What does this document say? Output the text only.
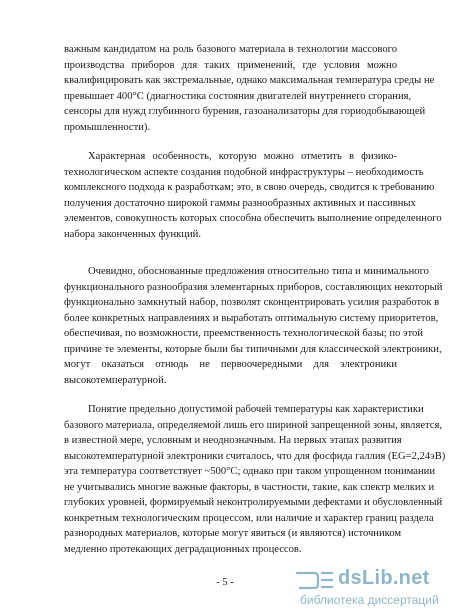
важным кандидатом на роль базового материала в технологии массового
производства приборов для таких применений, где условия можно
квалифицировать как экстремальные, однако максимальная температура среды не
превышает 400°C (диагностика состояния двигателей внутреннего сгорания,
сенсоры для нужд глубинного бурения, газоанализаторы для гориодобывающей
промышленности).
Характерная особенность, которую можно отметить в физико-
технологическом аспекте создания подобной инфраструктуры – необходимость
комплексного подхода к разработкам; это, в свою очередь, сводится к требованию
получения достаточно широкой гаммы разнообразных активных и пассивных
элементов, совокупность которых способна обеспечить выполнение определенного
набора законченных функций.
Очевидно, обоснованные предложения относительно типа и минимального
функционального разнообразия элементарных приборов, составляющих некоторый
функционально замкнутый набор, позволят сконцентрировать усилия разработок в
более конкретных направлениях и выработать оптимальную систему приоритетов,
обеспечивая, по возможности, преемственность технологической базы; по этой
причине те элементы, которые были бы типичными для классической электроники,
могут оказаться отнюдь не первоочередными для электроники
высокотемпературной.
Понятие предельно допустимой рабочей температуры как характеристики
базового материала, определяемой лишь его шириной запрещенной зоны, является,
в известной мере, условным и неоднозначным. На первых этапах развития
высокотемпературной электроники считалось, что для фосфида галлия (EG=2,24эВ)
эта температура соответствует ~500°C; однако при таком упрощенном понимании
не учитывались многие важные факторы, в частности, такие, как спектр мелких и
глубоких уровней, формируемый неконтролируемыми дефектами и обусловленный
конкретным технологическим процессом, или наличие и характер границ раздела
разнородных материалов, которые могут явиться (и являются) источником
медленно протекающих деградационных процессов.
- 5 -	dsLib.net
библиотека диссертаций
